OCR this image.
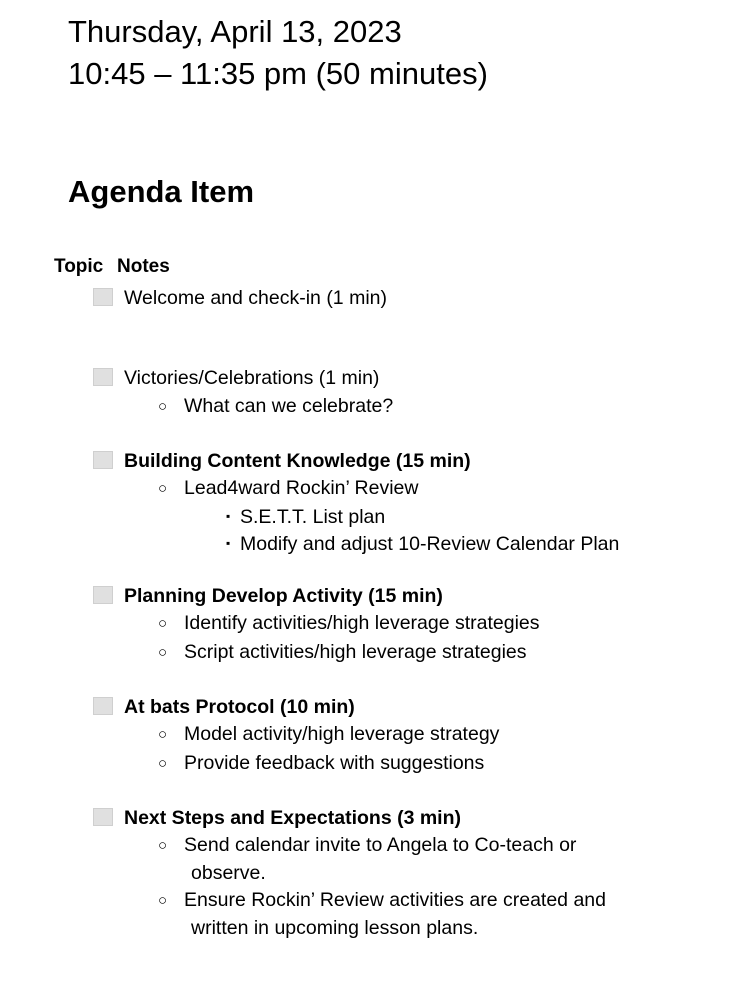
Thursday, April 13, 2023
10:45 – 11:35 pm (50 minutes)
Agenda Item
Topic Notes
Welcome and check-in (1 min)
Victories/Celebrations (1 min)
○ What can we celebrate?
Building Content Knowledge (15 min)
○ Lead4ward Rockin’ Review
▪ S.E.T.T. List plan
▪ Modify and adjust 10-Review Calendar Plan
Planning Develop Activity (15 min)
○ Identify activities/high leverage strategies
○ Script activities/high leverage strategies
At bats Protocol (10 min)
○ Model activity/high leverage strategy
○ Provide feedback with suggestions
Next Steps and Expectations (3 min)
○ Send calendar invite to Angela to Co-teach or
observe.
○ Ensure Rockin’ Review activities are created and
written in upcoming lesson plans.
